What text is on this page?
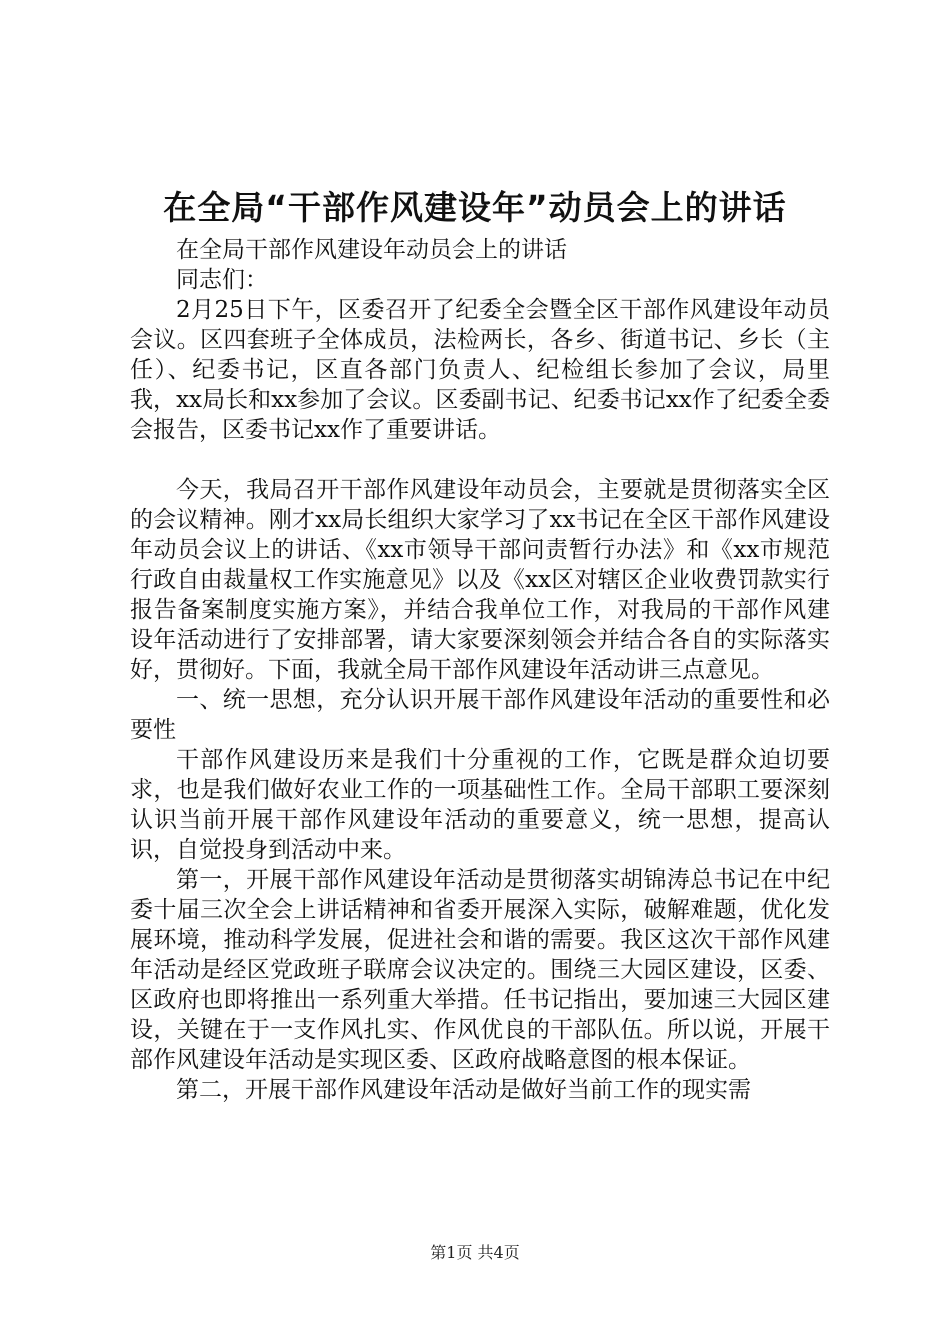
在全局“干部作风建设年”动员会上的讲话

在全局干部作风建设年动员会上的讲话

同志们：

2月25日下午，区委召开了纪委全会暨全区干部作风建设年动员会议。区四套班子全体成员，法检两长，各乡、街道书记、乡长（主任）、纪委书记，区直各部门负责人、纪检组长参加了会议，局里我，xx局长和xx参加了会议。区委副书记、纪委书记xx作了纪委全委会报告，区委书记xx作了重要讲话。

今天，我局召开干部作风建设年动员会，主要就是贯彻落实全区的会议精神。刚才xx局长组织大家学习了xx书记在全区干部作风建设年动员会议上的讲话、《xx市领导干部问责暂行办法》和《xx市规范行政自由裁量权工作实施意见》以及《xx区对辖区企业收费罚款实行报告备案制度实施方案》，并结合我单位工作，对我局的干部作风建设年活动进行了安排部署，请大家要深刻领会并结合各自的实际落实好，贯彻好。下面，我就全局干部作风建设年活动讲三点意见。

一、统一思想，充分认识开展干部作风建设年活动的重要性和必要性

干部作风建设历来是我们十分重视的工作，它既是群众迫切要求，也是我们做好农业工作的一项基础性工作。全局干部职工要深刻认识当前开展干部作风建设年活动的重要意义，统一思想，提高认识，自觉投身到活动中来。

第一，开展干部作风建设年活动是贯彻落实胡锦涛总书记在中纪委十届三次全会上讲话精神和省委开展深入实际，破解难题，优化发展环境，推动科学发展，促进社会和谐的需要。我区这次干部作风建年活动是经区党政班子联席会议决定的。围绕三大园区建设，区委、区政府也即将推出一系列重大举措。任书记指出，要加速三大园区建设，关键在于一支作风扎实、作风优良的干部队伍。所以说，开展干部作风建设年活动是实现区委、区政府战略意图的根本保证。

第二，开展干部作风建设年活动是做好当前工作的现实需

第1页 共4页
